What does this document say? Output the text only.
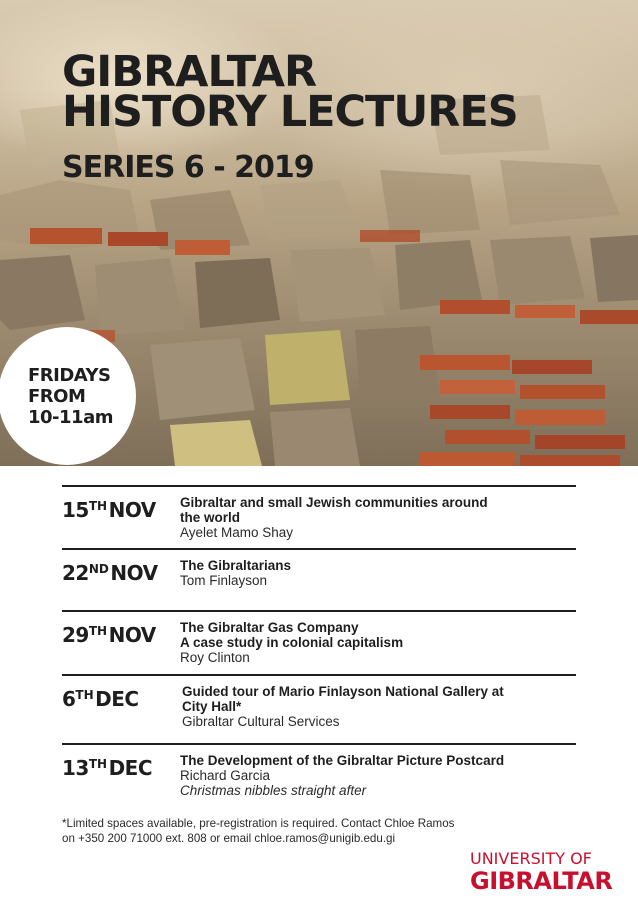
GIBRALTAR
HISTORY LECTURES
SERIES 6 - 2019
FRIDAYS
FROM
10-11am
15TH NOV Gibraltar and small Jewish communities around
the world
Ayelet Mamo Shay
22ND NOV The Gibraltarians
Tom Finlayson
29TH NOV The Gibraltar Gas Company
A case study in colonial capitalism
Roy Clinton
6TH DEC	Guided tour of Mario Finlayson National Gallery at
City Hall*
Gibraltar Cultural Services
13TH DEC The Development of the Gibraltar Picture Postcard
Richard Garcia
Christmas nibbles straight after
*Limited spaces available, pre-registration is required. Contact Chloe Ramos
on +350 200 71000 ext. 808 or email chloe.ramos@unigib.edu.gi
UNIVERSITY OF
GIBRALTAR
